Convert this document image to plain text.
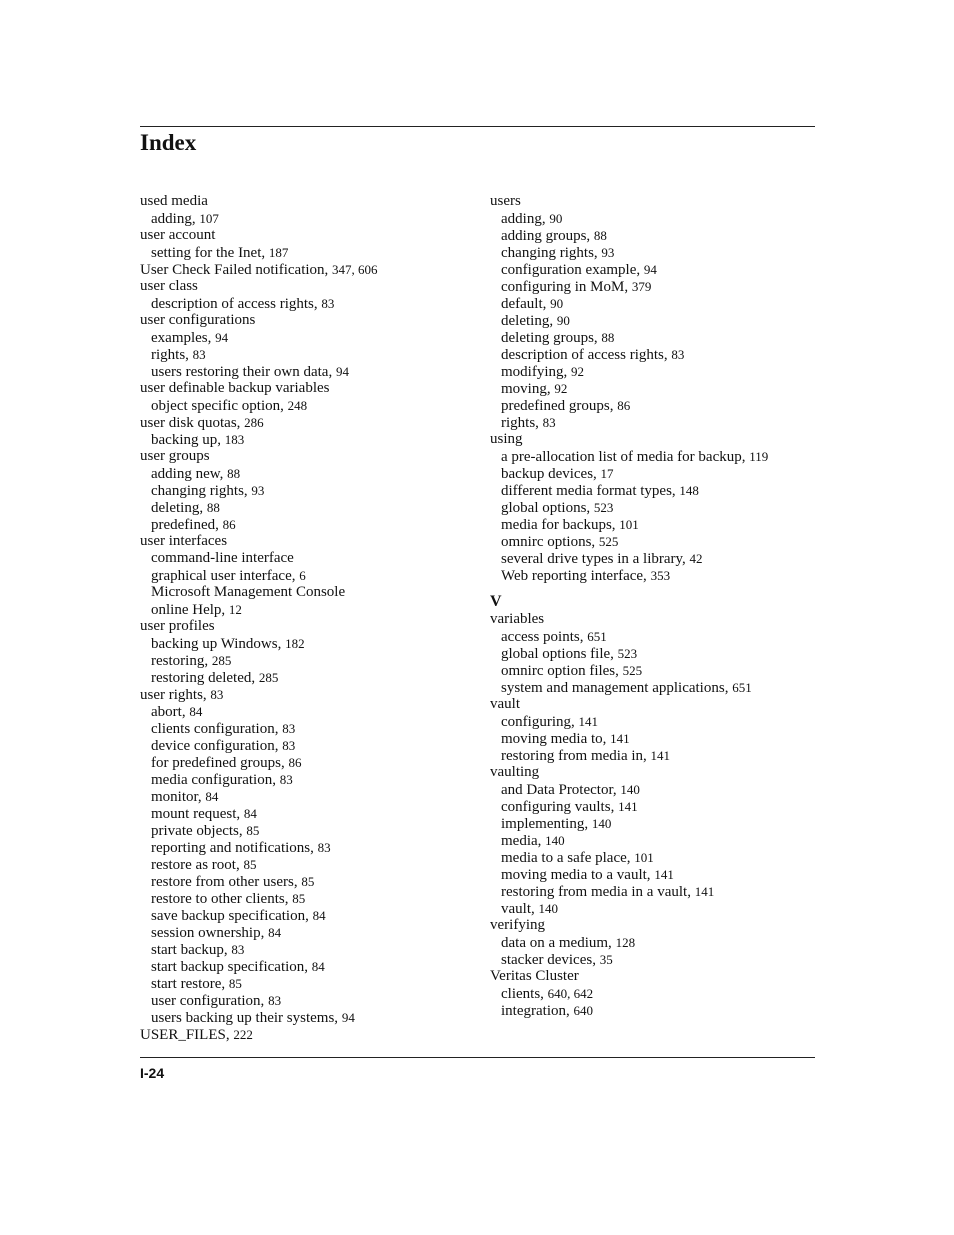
Index
used media
adding, 107
user account
setting for the Inet, 187
User Check Failed notification, 347, 606
user class
description of access rights, 83
user configurations
examples, 94
rights, 83
users restoring their own data, 94
user definable backup variables
object specific option, 248
user disk quotas, 286
backing up, 183
user groups
adding new, 88
changing rights, 93
deleting, 88
predefined, 86
user interfaces
command-line interface
graphical user interface, 6
Microsoft Management Console
online Help, 12
user profiles
backing up Windows, 182
restoring, 285
restoring deleted, 285
user rights, 83
abort, 84
clients configuration, 83
device configuration, 83
for predefined groups, 86
media configuration, 83
monitor, 84
mount request, 84
private objects, 85
reporting and notifications, 83
restore as root, 85
restore from other users, 85
restore to other clients, 85
save backup specification, 84
session ownership, 84
start backup, 83
start backup specification, 84
start restore, 85
user configuration, 83
users backing up their systems, 94
USER_FILES, 222
users
adding, 90
adding groups, 88
changing rights, 93
configuration example, 94
configuring in MoM, 379
default, 90
deleting, 90
deleting groups, 88
description of access rights, 83
modifying, 92
moving, 92
predefined groups, 86
rights, 83
using
a pre-allocation list of media for backup, 119
backup devices, 17
different media format types, 148
global options, 523
media for backups, 101
omnirc options, 525
several drive types in a library, 42
Web reporting interface, 353
V
variables
access points, 651
global options file, 523
omnirc option files, 525
system and management applications, 651
vault
configuring, 141
moving media to, 141
restoring from media in, 141
vaulting
and Data Protector, 140
configuring vaults, 141
implementing, 140
media, 140
media to a safe place, 101
moving media to a vault, 141
restoring from media in a vault, 141
vault, 140
verifying
data on a medium, 128
stacker devices, 35
Veritas Cluster
clients, 640, 642
integration, 640
I-24
